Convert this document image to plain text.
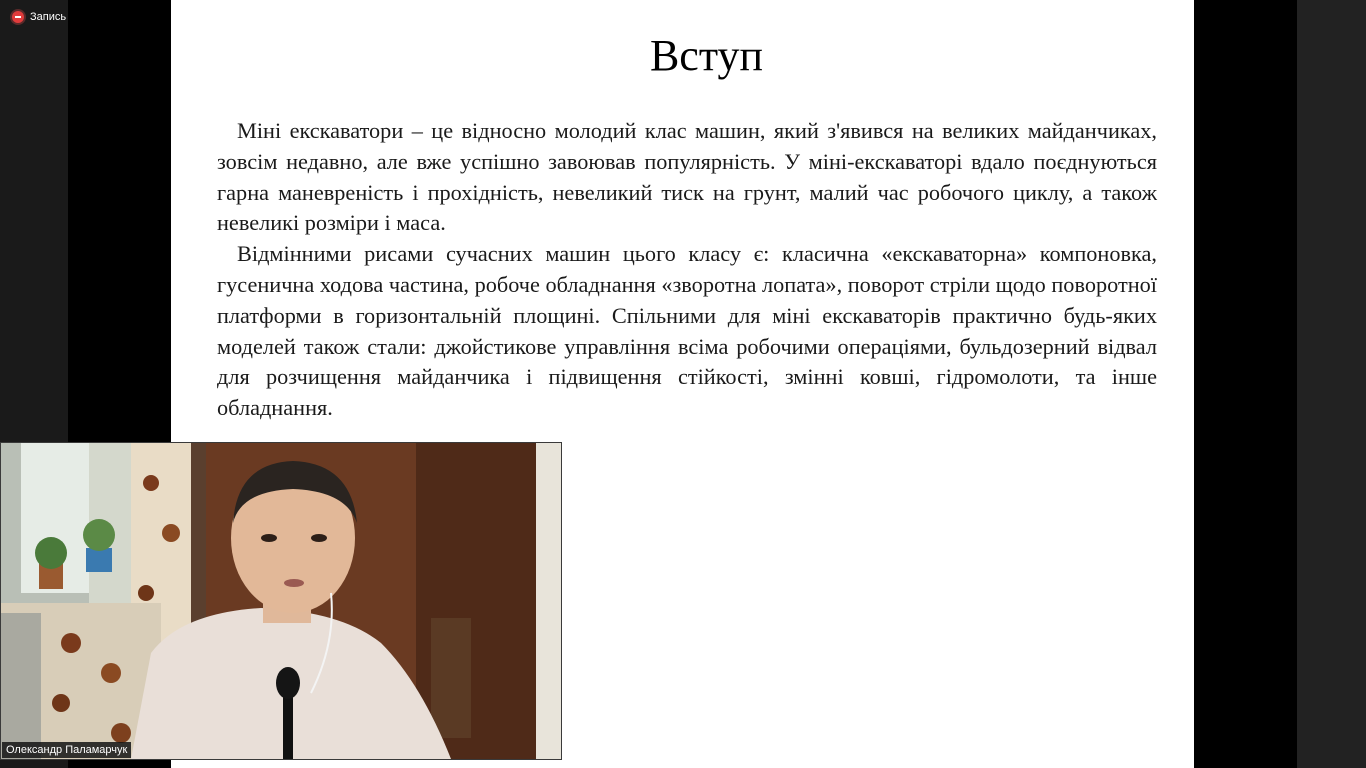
Запись
Вступ

Міні екскаватори – це відносно молодий клас машин, який з'явився на великих майданчиках, зовсім недавно, але вже успішно завоював популярність. У міні-екскаваторі вдало поєднуються гарна маневреність і прохідність, невеликий тиск на грунт, малий час робочого циклу, а також невеликі розміри і маса.

Відмінними рисами сучасних машин цього класу є: класична «екскаваторна» компоновка, гусенична ходова частина, робоче обладнання «зворотна лопата», поворот стріли щодо поворотної платформи в горизонтальній площині. Спільними для міні екскаваторів практично будь-яких моделей також стали: джойстикове управління всіма робочими операціями, бульдозерний відвал для розчищення майданчика і підвищення стійкості, змінні ковші, гідромолоти, та інше обладнання.

Олександр Паламарчук
